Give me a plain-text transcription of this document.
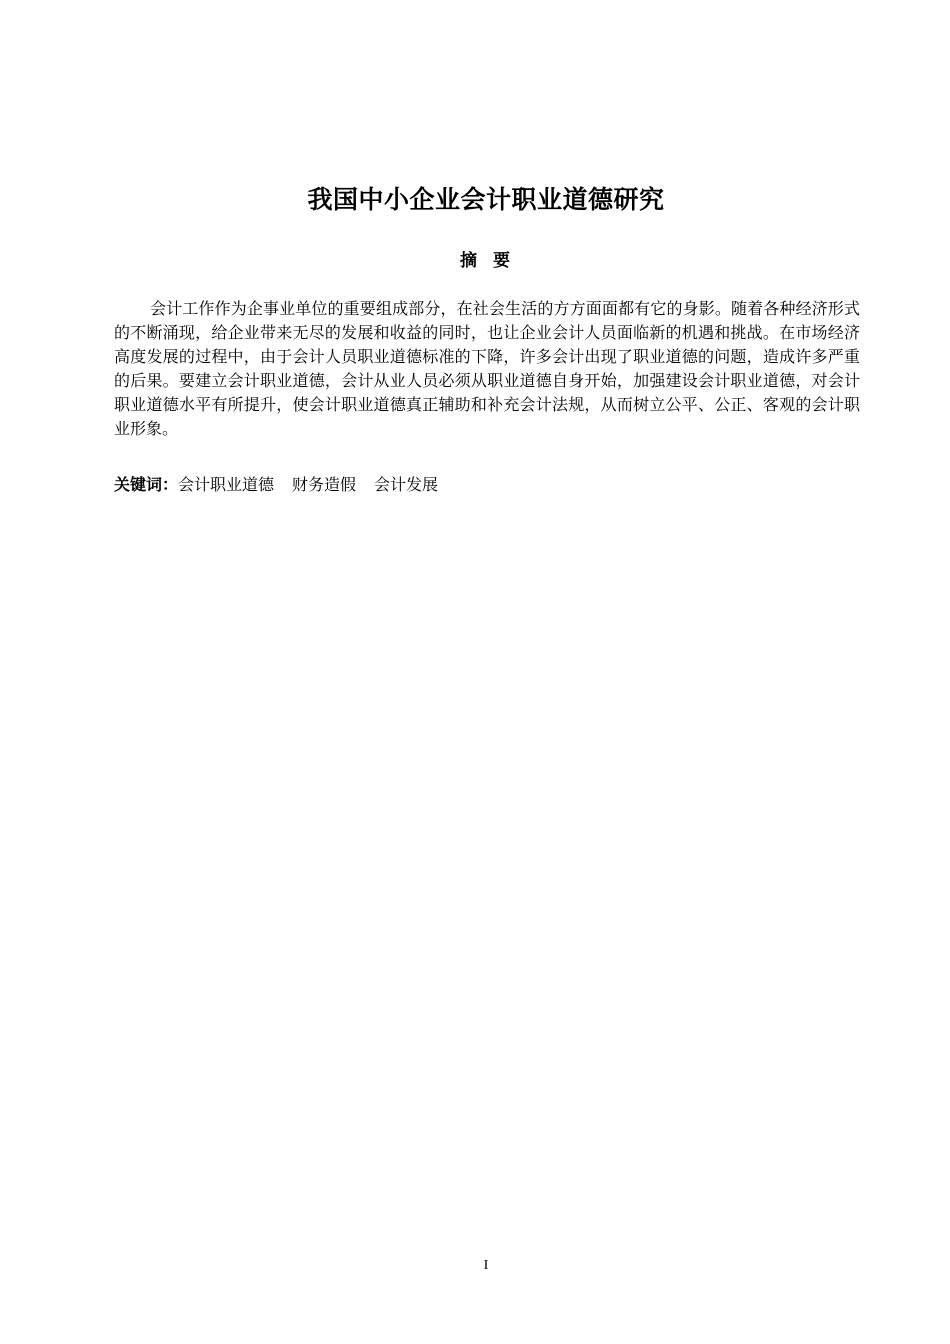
我国中小企业会计职业道德研究
摘要

会计工作作为企事业单位的重要组成部分，在社会生活的方方面面都有它的身影。随着各种经济形式的不断涌现，给企业带来无尽的发展和收益的同时，也让企业会计人员面临新的机遇和挑战。在市场经济高度发展的过程中，由于会计人员职业道德标准的下降，许多会计出现了职业道德的问题，造成许多严重的后果。要建立会计职业道德，会计从业人员必须从职业道德自身开始，加强建设会计职业道德，对会计职业道德水平有所提升，使会计职业道德真正辅助和补充会计法规，从而树立公平、公正、客观的会计职业形象。

关键词：会计职业道德 财务造假 会计发展
I
